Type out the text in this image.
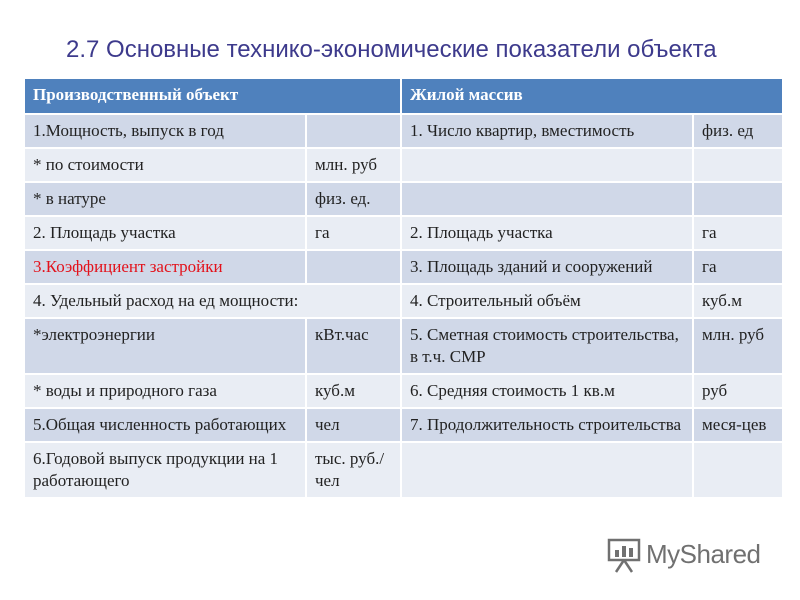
2.7 Основные технико-экономические показатели объекта
Производственный объект		Жилой массив	
1.Мощность, выпуск в год		1. Число квартир, вместимость	физ. ед
* по стоимости	млн. руб		
* в натуре	физ. ед.		
2. Площадь участка	га	2. Площадь участка	га
3.Коэффициент застройки		3. Площадь зданий и сооружений	га
4. Удельный расход на ед мощности:		4. Строительный объём	куб.м
*электроэнергии	кВт.час	5. Сметная стоимость строительства, в т.ч. СМР	млн. руб
* воды и природного газа	куб.м	6. Средняя стоимость 1 кв.м	руб
5.Общая численность работающих	чел	7. Продолжительность строительства	меся-цев
6.Годовой выпуск продукции на 1 работающего	тыс. руб./чел		
MyShared
